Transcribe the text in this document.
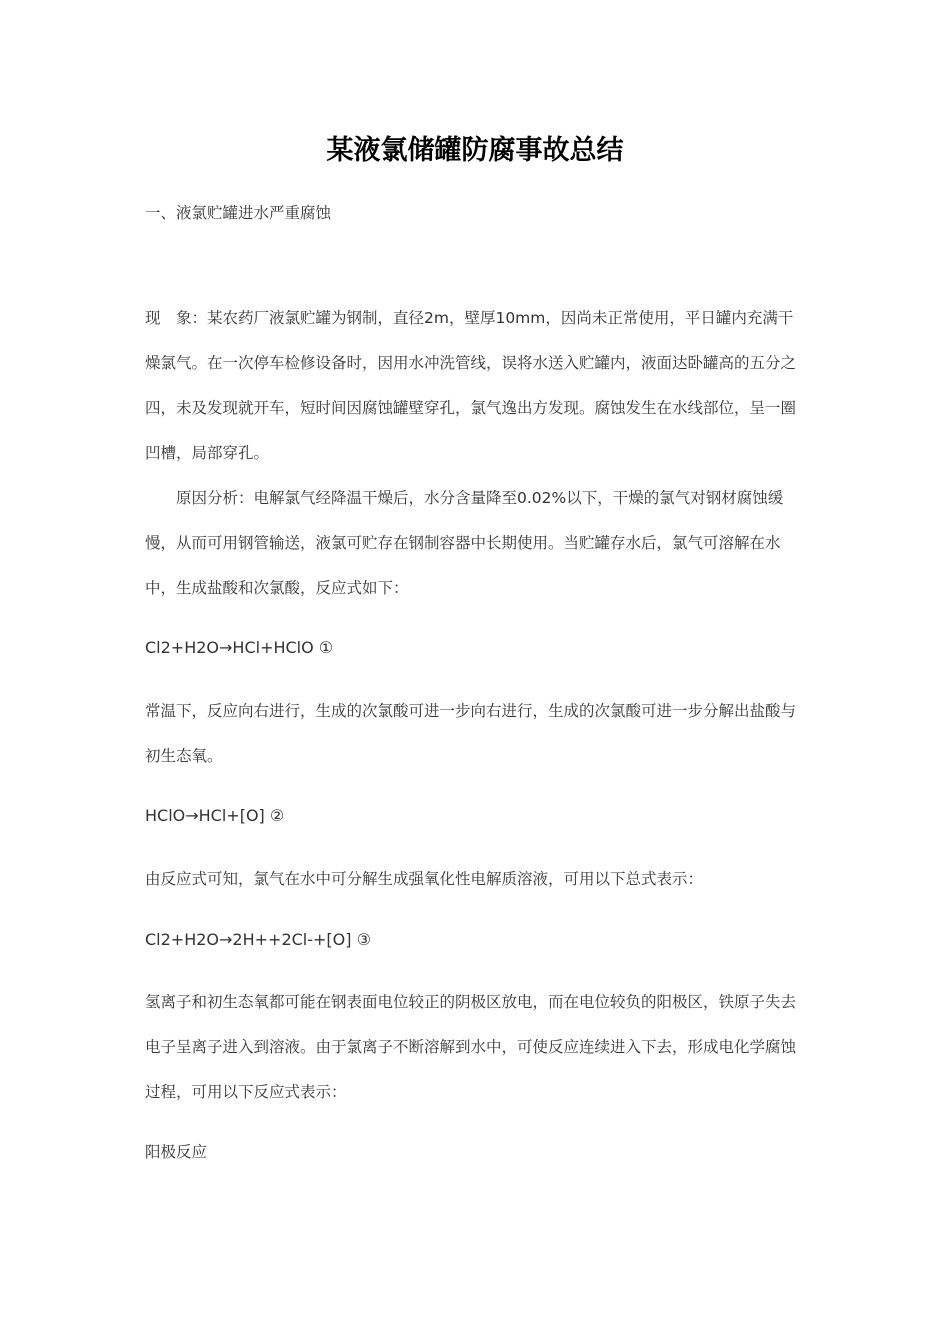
某液氯储罐防腐事故总结

一、液氯贮罐进水严重腐蚀

现　象：某农药厂液氯贮罐为钢制，直径2m，壁厚10mm，因尚未正常使用，平日罐内充满干燥氯气。在一次停车检修设备时，因用水冲洗管线，误将水送入贮罐内，液面达卧罐高的五分之四，未及发现就开车，短时间因腐蚀罐壁穿孔，氯气逸出方发现。腐蚀发生在水线部位，呈一圈凹槽，局部穿孔。

　　原因分析：电解氯气经降温干燥后，水分含量降至0.02%以下，干燥的氯气对钢材腐蚀缓慢，从而可用钢管输送，液氯可贮存在钢制容器中长期使用。当贮罐存水后，氯气可溶解在水中，生成盐酸和次氯酸，反应式如下：

Cl2+H2O→HCl+HClO ①

常温下，反应向右进行，生成的次氯酸可进一步向右进行，生成的次氯酸可进一步分解出盐酸与初生态氧。

HClO→HCl+[O] ②

由反应式可知，氯气在水中可分解生成强氧化性电解质溶液，可用以下总式表示：

Cl2+H2O→2H++2Cl-+[O] ③

氢离子和初生态氧都可能在钢表面电位较正的阴极区放电，而在电位较负的阳极区，铁原子失去电子呈离子进入到溶液。由于氯离子不断溶解到水中，可使反应连续进入下去，形成电化学腐蚀过程，可用以下反应式表示：

阳极反应
